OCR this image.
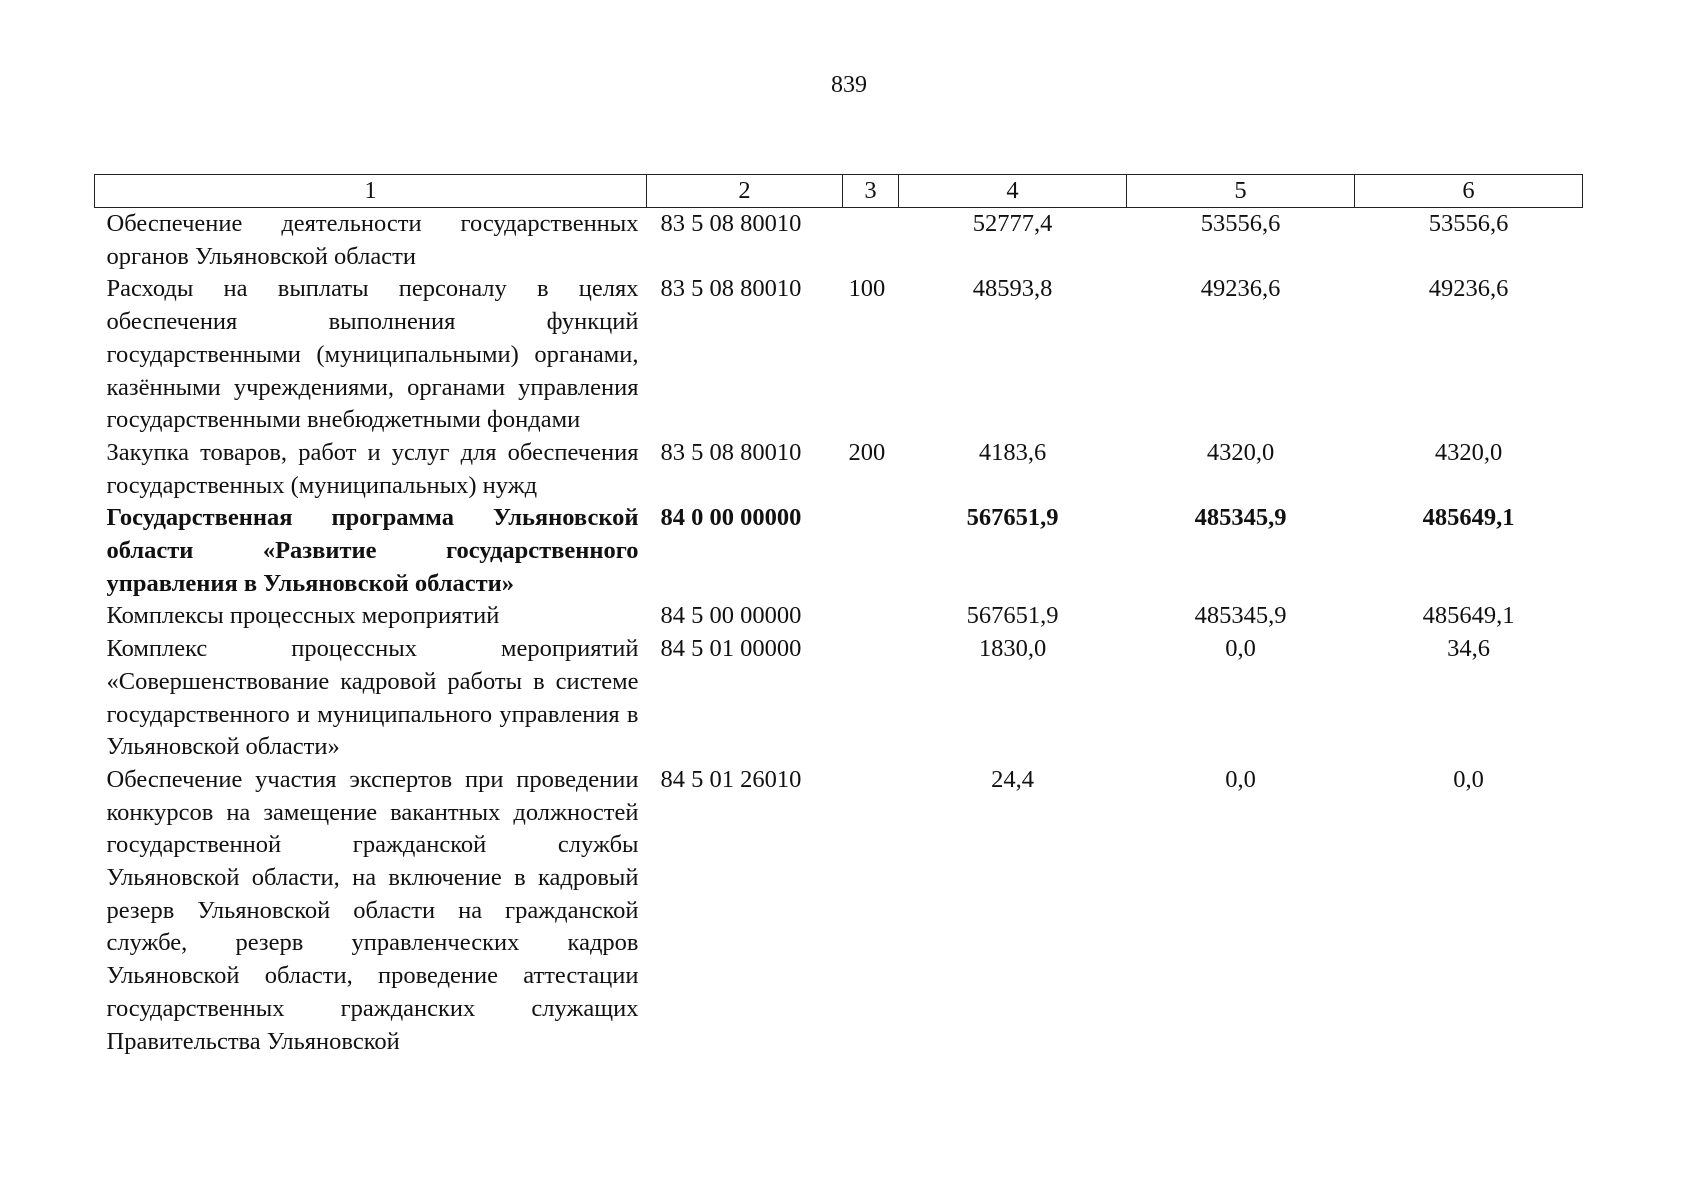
839
1	2	3	4	5	6
Обеспечение деятельности государственных органов Ульяновской области	83 5 08 80010		52777,4	53556,6	53556,6
Расходы на выплаты персоналу в целях обеспечения выполнения функций государственными (муниципальными) органами, казёнными учреждениями, органами управления государственными внебюджетными фондами	83 5 08 80010	100	48593,8	49236,6	49236,6
Закупка товаров, работ и услуг для обеспечения государственных (муниципальных) нужд	83 5 08 80010	200	4183,6	4320,0	4320,0
Государственная программа Ульяновской области «Развитие государственного управления в Ульяновской области»	84 0 00 00000		567651,9	485345,9	485649,1
Комплексы процессных мероприятий	84 5 00 00000		567651,9	485345,9	485649,1
Комплекс процессных мероприятий «Совершенствование кадровой работы в системе государственного и муниципального управления в Ульяновской области»	84 5 01 00000		1830,0	0,0	34,6
Обеспечение участия экспертов при проведении конкурсов на замещение вакантных должностей государственной гражданской службы Ульяновской области, на включение в кадровый резерв Ульяновской области на гражданской службе, резерв управленческих кадров Ульяновской области, проведение аттестации государственных гражданских служащих Правительства Ульяновской	84 5 01 26010		24,4	0,0	0,0
